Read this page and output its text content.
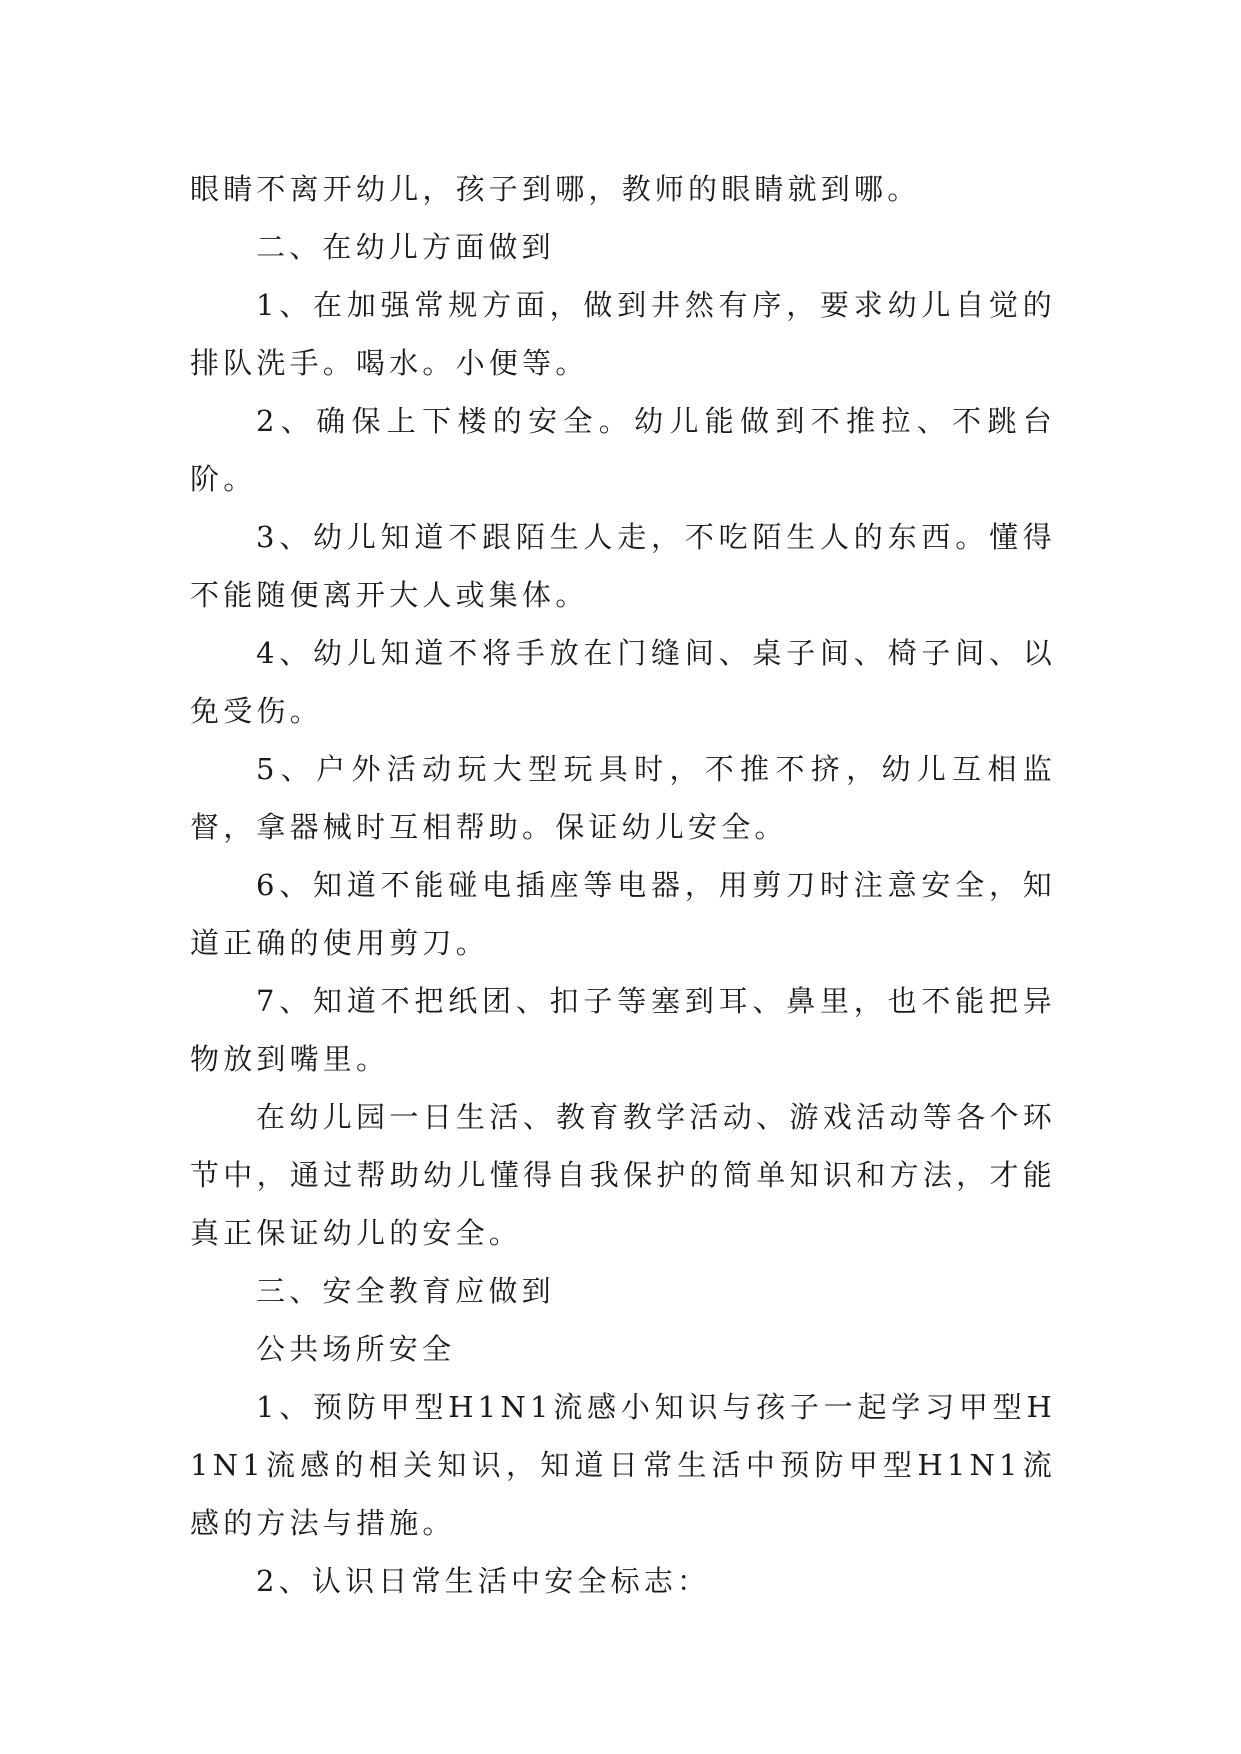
眼睛不离开幼儿，孩子到哪，教师的眼睛就到哪。

二、在幼儿方面做到

1、在加强常规方面，做到井然有序，要求幼儿自觉的排队洗手。喝水。小便等。

2、确保上下楼的安全。幼儿能做到不推拉、不跳台阶。

3、幼儿知道不跟陌生人走，不吃陌生人的东西。懂得不能随便离开大人或集体。

4、幼儿知道不将手放在门缝间、桌子间、椅子间、以免受伤。

5、户外活动玩大型玩具时，不推不挤，幼儿互相监督，拿器械时互相帮助。保证幼儿安全。

6、知道不能碰电插座等电器，用剪刀时注意安全，知道正确的使用剪刀。

7、知道不把纸团、扣子等塞到耳、鼻里，也不能把异物放到嘴里。

在幼儿园一日生活、教育教学活动、游戏活动等各个环节中，通过帮助幼儿懂得自我保护的简单知识和方法，才能真正保证幼儿的安全。

三、安全教育应做到

公共场所安全

1、预防甲型H1N1流感小知识与孩子一起学习甲型H1N1流感的相关知识，知道日常生活中预防甲型H1N1流感的方法与措施。

2、认识日常生活中安全标志：
